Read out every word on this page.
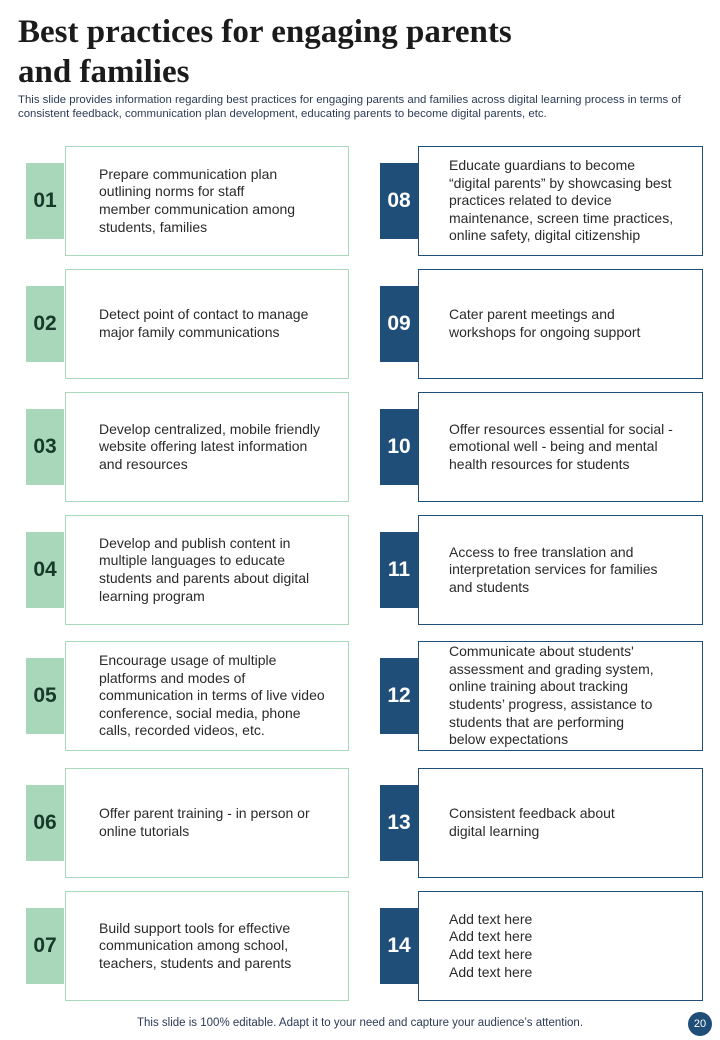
Best practices for engaging parents
and families

This slide provides information regarding best practices for engaging parents and families across digital learning process in terms of consistent feedback, communication plan development, educating parents to become digital parents, etc.

Prepare communication plan
outlining norms for staff
member communication among
students, families
01
Detect point of contact to manage
major family communications
02
Develop centralized, mobile friendly
website offering latest information
and resources
03
Develop and publish content in
multiple languages to educate
students and parents about digital
learning program
04
Encourage usage of multiple
platforms and modes of
communication in terms of live video
conference, social media, phone
calls, recorded videos, etc.
05
Offer parent training - in person or
online tutorials
06
Build support tools for effective
communication among school,
teachers, students and parents
07
Educate guardians to become
“digital parents” by showcasing best
practices related to device
maintenance, screen time practices,
online safety, digital citizenship
08
Cater parent meetings and
workshops for ongoing support
09
Offer resources essential for social -
emotional well - being and mental
health resources for students
10
Access to free translation and
interpretation services for families
and students
11
Communicate about students'
assessment and grading system,
online training about tracking
students’ progress, assistance to
students that are performing
below expectations
12
Consistent feedback about
digital learning
13
Add text here
Add text here
Add text here
Add text here
14
This slide is 100% editable. Adapt it to your need and capture your audience’s attention.	20
